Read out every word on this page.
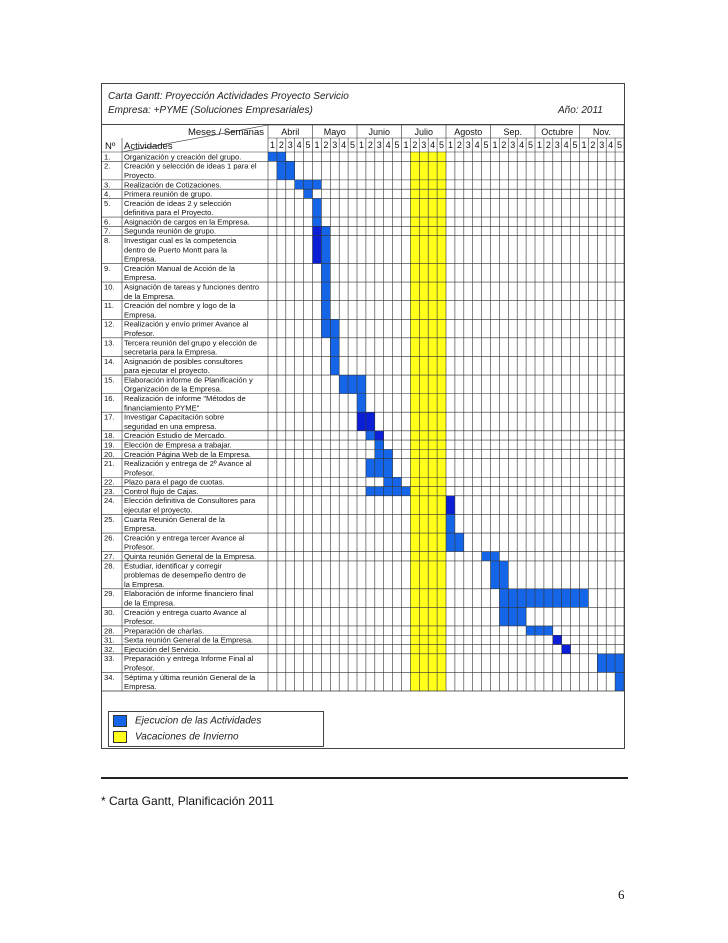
Carta Gantt: Proyección Actividades Proyecto Servicio
Empresa: +PYME (Soluciones Empresariales)	Año: 2011
Meses / Semanas
Nº Actividades
Abril
1 2 3 4 5
Mayo
1 2 3 4 5
Junio
1 2 3 4 5
Julio
1 2 3 4 5
Agosto
1 2 3 4 5
Sep.
1 2 3 4 5
Octubre
1 2 3 4 5
Nov.
1 2 3 4 5
1. Organización y creación del grupo.
2. Creación y selección de ideas 1 para el
Proyecto.
3. Realización de Cotizaciones.
4. Primera reunión de grupo.
5. Creación de ideas 2 y selección
definitiva para el Proyecto.
6. Asignación de cargos en la Empresa.
7. Segunda reunión de grupo.
8. Investigar cual es la competencia
dentro de Puerto Montt para la
Empresa.
9. Creación Manual de Acción de la
Empresa.
10. Asignación de tareas y funciones dentro
de la Empresa.
11. Creación del nombre y logo de la
Empresa.
12. Realización y envío primer Avance al
Profesor.
13. Tercera reunión del grupo y elección de
secretaria para la Empresa.
14. Asignación de posibles consultores
para ejecutar el proyecto.
15. Elaboración informe de Planificación y
Organización de la Empresa.
16. Realización de informe "Métodos de
financiamiento PYME"
17. Investigar Capacitación sobre
seguridad en una empresa.
18. Creación Estudio de Mercado.
19. Elección de Empresa a trabajar.
20. Creación Página Web de la Empresa.
21. Realización y entrega de 2º Avance al
Profesor.
22. Plazo para el pago de cuotas.
23. Control flujo de Cajas.
24. Elección definitiva de Consultores para
ejecutar el proyecto.
25. Cuarta Reunión General de la
Empresa.
26. Creación y entrega tercer Avance al
Profesor.
27. Quinta reunión General de la Empresa.
28. Estudiar, identificar y corregir
problemas de desempeño dentro de
la Empresa.
29. Elaboración de informe financiero final
de la Empresa.
30. Creación y entrega cuarto Avance al
Profesor.
28. Preparación de charlas.
31. Sexta reunión General de la Empresa.
32. Ejecución del Servicio.
33. Preparación y entrega Informe Final al
Profesor.
34. Séptima y última reunión General de la
Empresa.
Ejecucion de las Actividades
Vacaciones de Invierno
* Carta Gantt, Planificación 2011
6
